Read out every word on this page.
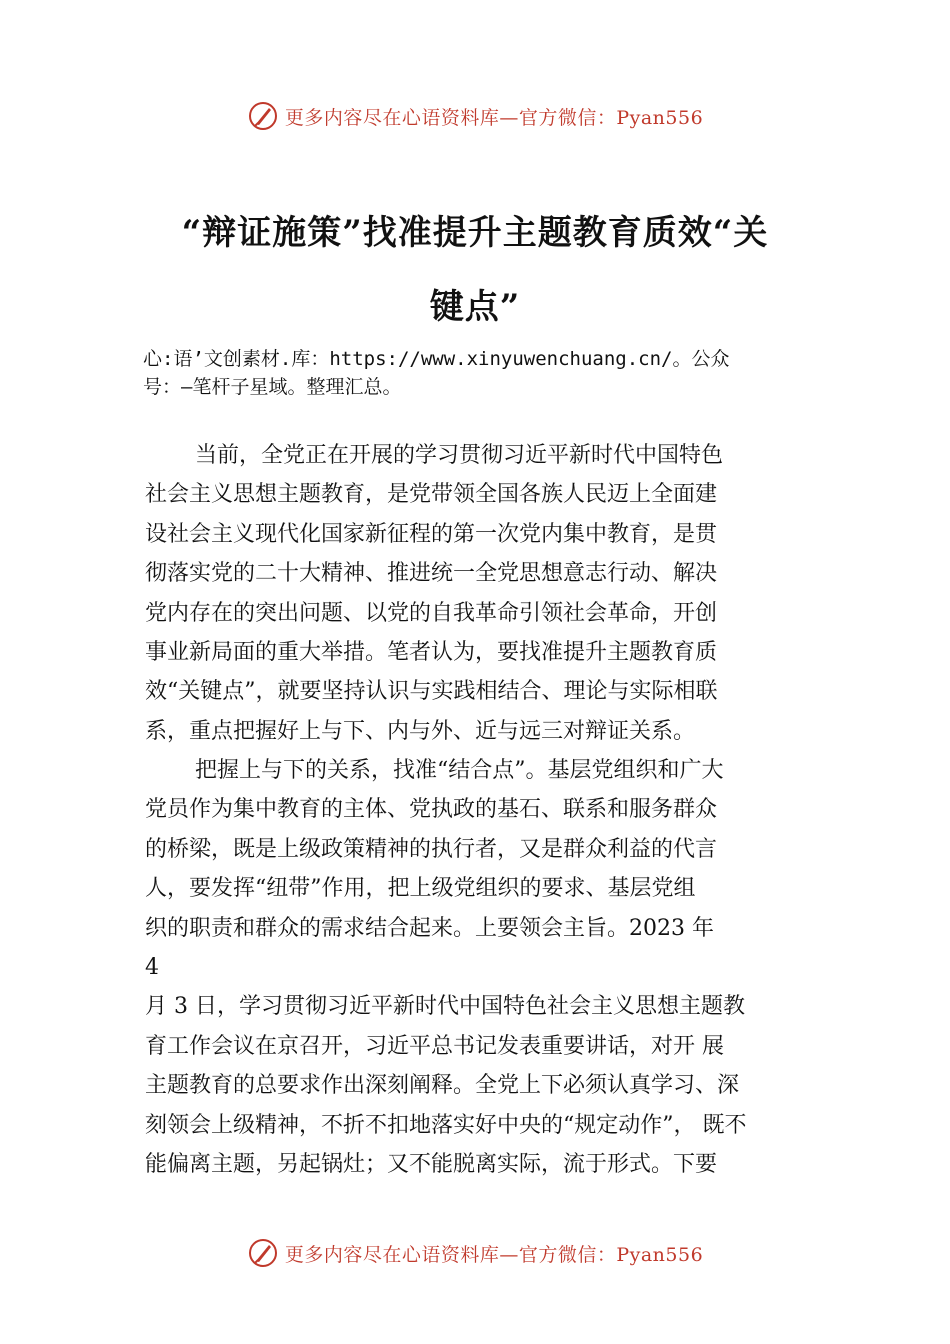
更多内容尽在心语资料库—官方微信：Pyan556
“辩证施策”找准提升主题教育质效“关
键点”
心:语’文创素材.库：https://www.xinyuwenchuang.cn/。公众
号：—笔杆子星域。整理汇总。
当前，全党正在开展的学习贯彻习近平新时代中国特色
社会主义思想主题教育，是党带领全国各族人民迈上全面建
设社会主义现代化国家新征程的第一次党内集中教育，是贯
彻落实党的二十大精神、推进统一全党思想意志行动、解决
党内存在的突出问题、以党的自我革命引领社会革命，开创
事业新局面的重大举措。笔者认为，要找准提升主题教育质
效“关键点”，就要坚持认识与实践相结合、理论与实际相联
系，重点把握好上与下、内与外、近与远三对辩证关系。
把握上与下的关系，找准“结合点”。基层党组织和广大
党员作为集中教育的主体、党执政的基石、联系和服务群众
的桥梁，既是上级政策精神的执行者，又是群众利益的代言
人，要发挥“纽带”作用，把上级党组织的要求、基层党组
织的职责和群众的需求结合起来。上要领会主旨。2023 年
4
月 3 日，学习贯彻习近平新时代中国特色社会主义思想主题教
育工作会议在京召开，习近平总书记发表重要讲话，对开 展
主题教育的总要求作出深刻阐释。全党上下必须认真学习、深
刻领会上级精神，不折不扣地落实好中央的“规定动作”， 既不
能偏离主题，另起锅灶；又不能脱离实际，流于形式。下要
更多内容尽在心语资料库—官方微信：Pyan556
